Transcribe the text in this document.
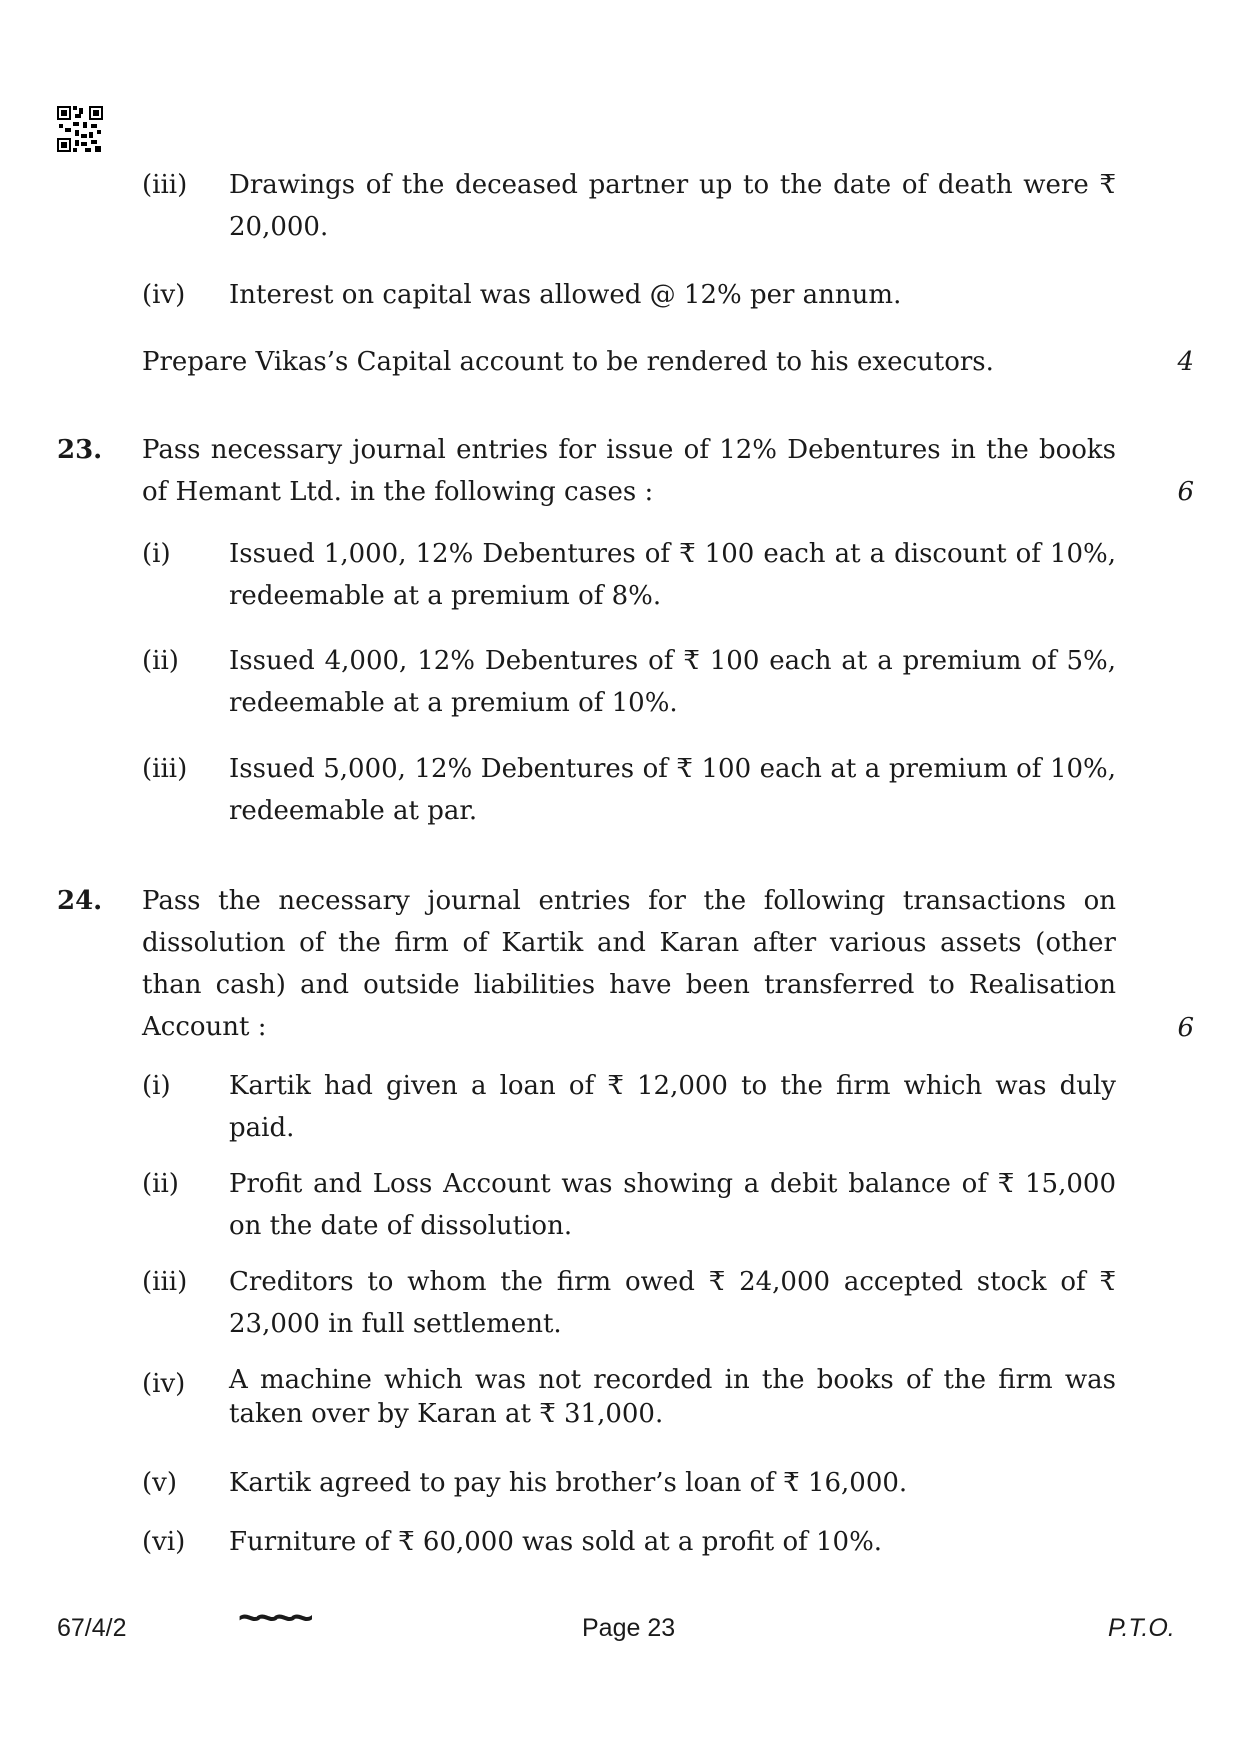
(iii) Drawings of the deceased partner up to the date of death were ₹ 20,000.

(iv) Interest on capital was allowed @ 12% per annum.

Prepare Vikas’s Capital account to be rendered to his executors.	4
23. Pass necessary journal entries for issue of 12% Debentures in the books of Hemant Ltd. in the following cases :	6
(i) Issued 1,000, 12% Debentures of ₹ 100 each at a discount of 10%, redeemable at a premium of 8%.

(ii) Issued 4,000, 12% Debentures of ₹ 100 each at a premium of 5%, redeemable at a premium of 10%.

(iii) Issued 5,000, 12% Debentures of ₹ 100 each at a premium of 10%, redeemable at par.

24. Pass the necessary journal entries for the following transactions on dissolution of the firm of Kartik and Karan after various assets (other than cash) and outside liabilities have been transferred to Realisation Account :	6
(i) Kartik had given a loan of ₹ 12,000 to the firm which was duly paid.

(ii) Profit and Loss Account was showing a debit balance of ₹ 15,000 on the date of dissolution.

(iii) Creditors to whom the firm owed ₹ 24,000 accepted stock of ₹ 23,000 in full settlement.

(iv) A machine which was not recorded in the books of the firm was taken over by Karan at ₹ 31,000.

(v) Kartik agreed to pay his brother’s loan of ₹ 16,000.

(vi) Furniture of ₹ 60,000 was sold at a profit of 10%.

67/4/2	~~~~	Page 23	P.T.O.
